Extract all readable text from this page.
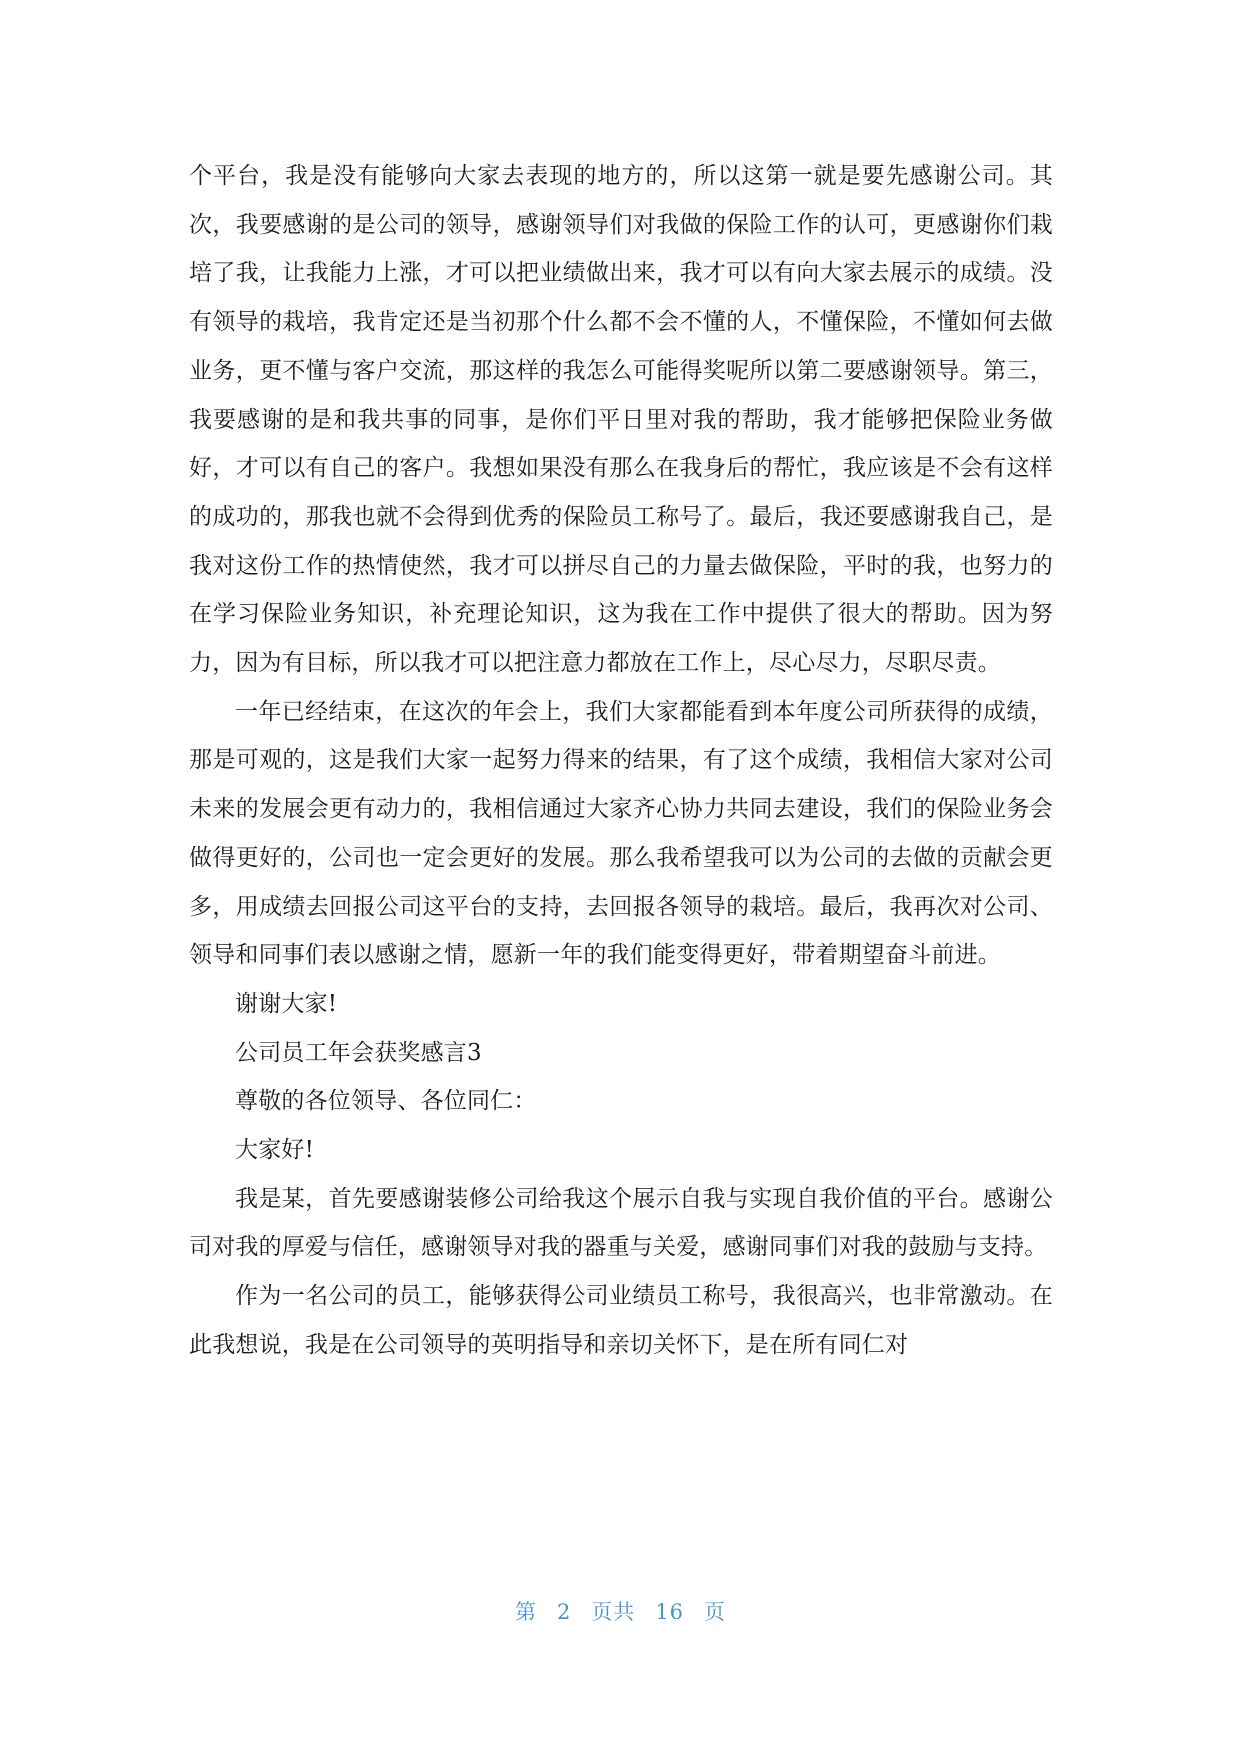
个平台，我是没有能够向大家去表现的地方的，所以这第一就是要先感谢公司。其次，我要感谢的是公司的领导，感谢领导们对我做的保险工作的认可，更感谢你们栽培了我，让我能力上涨，才可以把业绩做出来，我才可以有向大家去展示的成绩。没有领导的栽培，我肯定还是当初那个什么都不会不懂的人，不懂保险，不懂如何去做业务，更不懂与客户交流，那这样的我怎么可能得奖呢所以第二要感谢领导。第三，我要感谢的是和我共事的同事，是你们平日里对我的帮助，我才能够把保险业务做好，才可以有自己的客户。我想如果没有那么在我身后的帮忙，我应该是不会有这样的成功的，那我也就不会得到优秀的保险员工称号了。最后，我还要感谢我自己，是我对这份工作的热情使然，我才可以拼尽自己的力量去做保险，平时的我，也努力的在学习保险业务知识，补充理论知识，这为我在工作中提供了很大的帮助。因为努力，因为有目标，所以我才可以把注意力都放在工作上，尽心尽力，尽职尽责。

一年已经结束，在这次的年会上，我们大家都能看到本年度公司所获得的成绩，那是可观的，这是我们大家一起努力得来的结果，有了这个成绩，我相信大家对公司未来的发展会更有动力的，我相信通过大家齐心协力共同去建设，我们的保险业务会做得更好的，公司也一定会更好的发展。那么我希望我可以为公司的去做的贡献会更多，用成绩去回报公司这平台的支持，去回报各领导的栽培。最后，我再次对公司、领导和同事们表以感谢之情，愿新一年的我们能变得更好，带着期望奋斗前进。

谢谢大家!

公司员工年会获奖感言3

尊敬的各位领导、各位同仁：

大家好!

我是某，首先要感谢装修公司给我这个展示自我与实现自我价值的平台。感谢公司对我的厚爱与信任，感谢领导对我的器重与关爱，感谢同事们对我的鼓励与支持。

作为一名公司的员工，能够获得公司业绩员工称号，我很高兴，也非常激动。在此我想说，我是在公司领导的英明指导和亲切关怀下，是在所有同仁对

第 2 页共 16 页
